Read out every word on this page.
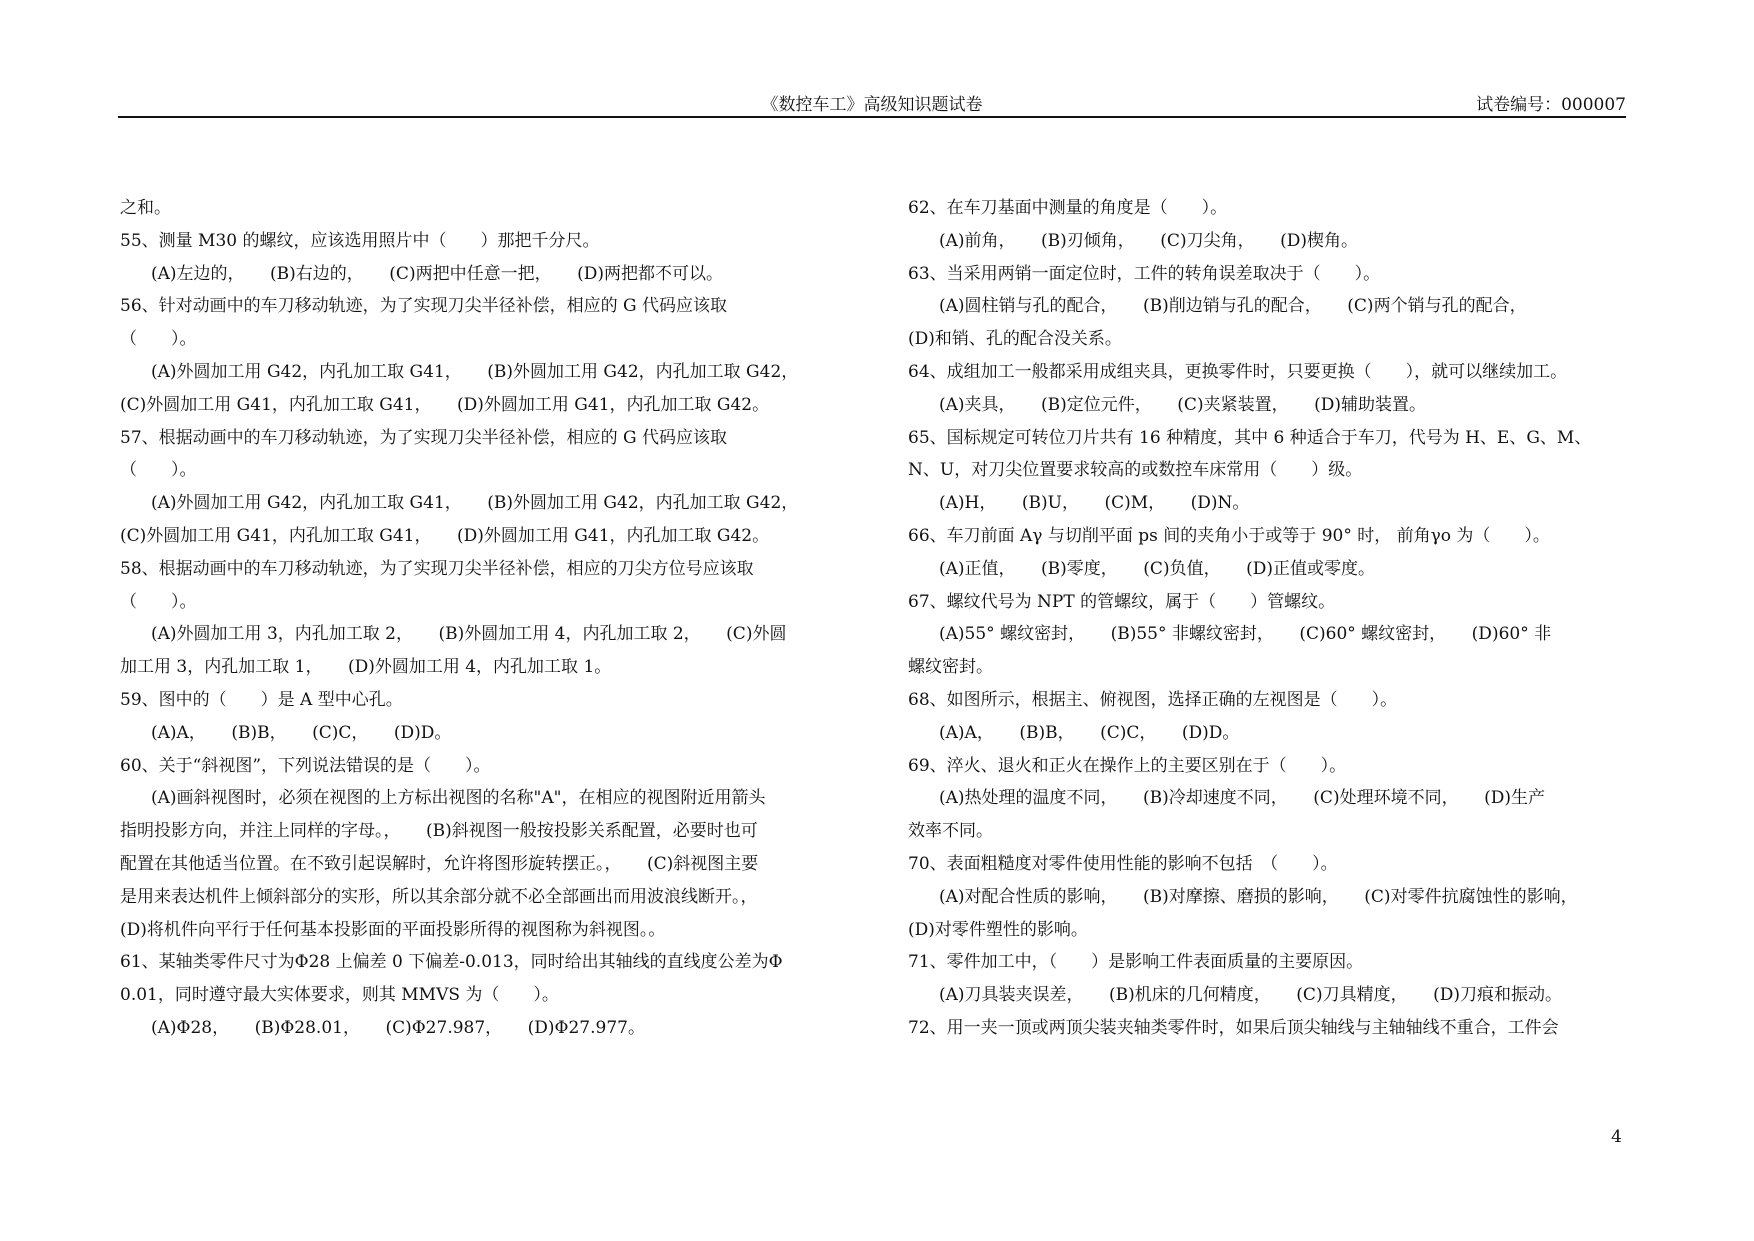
《数控车工》高级知识题试卷	试卷编号：000007
之和。
55、测量 M30 的螺纹，应该选用照片中（　　）那把千分尺。
(A)左边的，　　(B)右边的，　　(C)两把中任意一把，　　(D)两把都不可以。
56、针对动画中的车刀移动轨迹，为了实现刀尖半径补偿，相应的 G 代码应该取
（　　）。
(A)外圆加工用 G42，内孔加工取 G41，　　(B)外圆加工用 G42，内孔加工取 G42，
(C)外圆加工用 G41，内孔加工取 G41，　　(D)外圆加工用 G41，内孔加工取 G42。
57、根据动画中的车刀移动轨迹，为了实现刀尖半径补偿，相应的 G 代码应该取
（　　）。
(A)外圆加工用 G42，内孔加工取 G41，　　(B)外圆加工用 G42，内孔加工取 G42，
(C)外圆加工用 G41，内孔加工取 G41，　　(D)外圆加工用 G41，内孔加工取 G42。
58、根据动画中的车刀移动轨迹，为了实现刀尖半径补偿，相应的刀尖方位号应该取
（　　）。
(A)外圆加工用 3，内孔加工取 2，　　(B)外圆加工用 4，内孔加工取 2，　　(C)外圆
加工用 3，内孔加工取 1，　　(D)外圆加工用 4，内孔加工取 1。
59、图中的（　　）是 A 型中心孔。
(A)A，　　(B)B，　　(C)C，　　(D)D。
60、关于“斜视图”，下列说法错误的是（　　）。
(A)画斜视图时，必须在视图的上方标出视图的名称"A"，在相应的视图附近用箭头
指明投影方向，并注上同样的字母。，　　(B)斜视图一般按投影关系配置，必要时也可
配置在其他适当位置。在不致引起误解时，允许将图形旋转摆正。，　　(C)斜视图主要
是用来表达机件上倾斜部分的实形，所以其余部分就不必全部画出而用波浪线断开。，
(D)将机件向平行于任何基本投影面的平面投影所得的视图称为斜视图。。
61、某轴类零件尺寸为Φ28 上偏差 0 下偏差-0.013，同时给出其轴线的直线度公差为Φ
0.01，同时遵守最大实体要求，则其 MMVS 为（　　）。
(A)Φ28，　　(B)Φ28.01，　　(C)Φ27.987，　　(D)Φ27.977。
62、在车刀基面中测量的角度是（　　）。
(A)前角，　　(B)刃倾角，　　(C)刀尖角，　　(D)楔角。
63、当采用两销一面定位时，工件的转角误差取决于（　　）。
(A)圆柱销与孔的配合，　　(B)削边销与孔的配合，　　(C)两个销与孔的配合，
(D)和销、孔的配合没关系。
64、成组加工一般都采用成组夹具，更换零件时，只要更换（　　），就可以继续加工。
(A)夹具，　　(B)定位元件，　　(C)夹紧装置，　　(D)辅助装置。
65、国标规定可转位刀片共有 16 种精度，其中 6 种适合于车刀，代号为 H、E、G、M、
N、U，对刀尖位置要求较高的或数控车床常用（　　）级。
(A)H，　　(B)U，　　(C)M，　　(D)N。
66、车刀前面 Aγ 与切削平面 ps 间的夹角小于或等于 90° 时， 前角γo 为（　　）。
(A)正值，　　(B)零度，　　(C)负值，　　(D)正值或零度。
67、螺纹代号为 NPT 的管螺纹，属于（　　）管螺纹。
(A)55° 螺纹密封，　　(B)55° 非螺纹密封，　　(C)60° 螺纹密封，　　(D)60° 非
螺纹密封。
68、如图所示，根据主、俯视图，选择正确的左视图是（　　）。
(A)A，　　(B)B，　　(C)C，　　(D)D。
69、淬火、退火和正火在操作上的主要区别在于（　　）。
(A)热处理的温度不同，　　(B)冷却速度不同，　　(C)处理环境不同，　　(D)生产
效率不同。
70、表面粗糙度对零件使用性能的影响不包括　（　　）。
(A)对配合性质的影响，　　(B)对摩擦、磨损的影响，　　(C)对零件抗腐蚀性的影响，
(D)对零件塑性的影响。
71、零件加工中，（　　）是影响工件表面质量的主要原因。
(A)刀具装夹误差，　　(B)机床的几何精度，　　(C)刀具精度，　　(D)刀痕和振动。
72、用一夹一顶或两顶尖装夹轴类零件时，如果后顶尖轴线与主轴轴线不重合，工件会
4
